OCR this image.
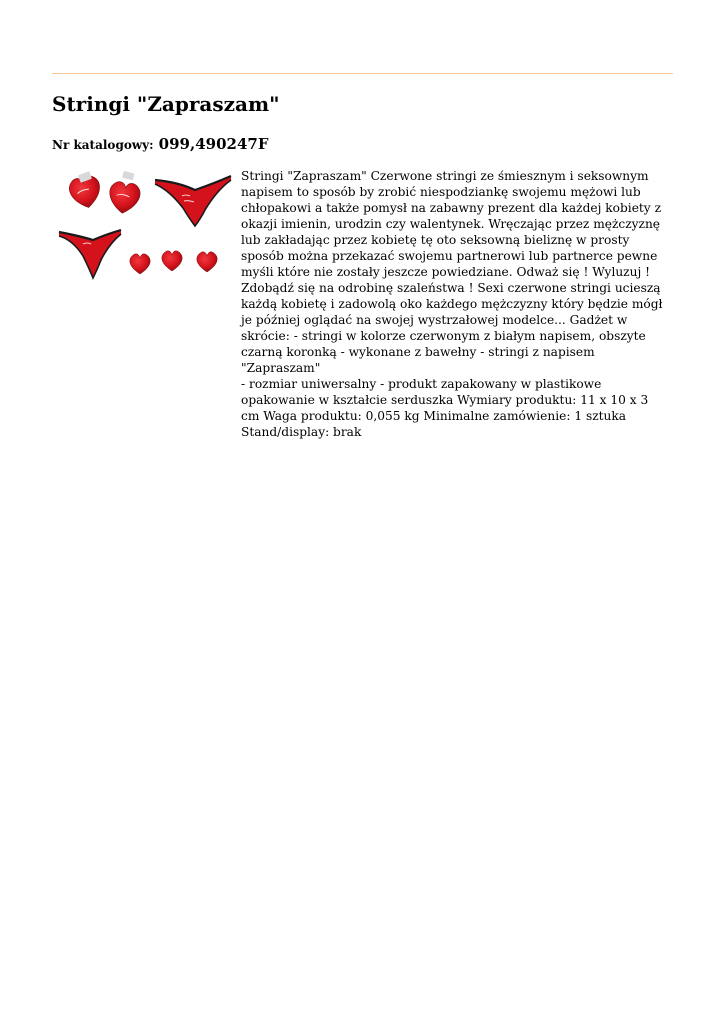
Stringi "Zapraszam"
Nr katalogowy: 099,490247F

Stringi "Zapraszam" Czerwone stringi ze śmiesznym i seksownym
napisem to sposób by zrobić niespodziankę swojemu mężowi lub
chłopakowi a także pomysł na zabawny prezent dla każdej kobiety z
okazji imienin, urodzin czy walentynek. Wręczając przez mężczyznę
lub zakładając przez kobietę tę oto seksowną bieliznę w prosty
sposób można przekazać swojemu partnerowi lub partnerce pewne
myśli które nie zostały jeszcze powiedziane. Odważ się ! Wyluzuj !
Zdobądź się na odrobinę szaleństwa ! Sexi czerwone stringi ucieszą
każdą kobietę i zadowolą oko każdego mężczyzny który będzie mógł
je później oglądać na swojej wystrzałowej modelce... Gadżet w
skrócie: - stringi w kolorze czerwonym z białym napisem, obszyte
czarną koronką - wykonane z bawełny - stringi z napisem "Zapraszam"
- rozmiar uniwersalny - produkt zapakowany w plastikowe
opakowanie w kształcie serduszka Wymiary produktu: 11 x 10 x 3
cm Waga produktu: 0,055 kg Minimalne zamówienie: 1 sztuka
Stand/display: brak
